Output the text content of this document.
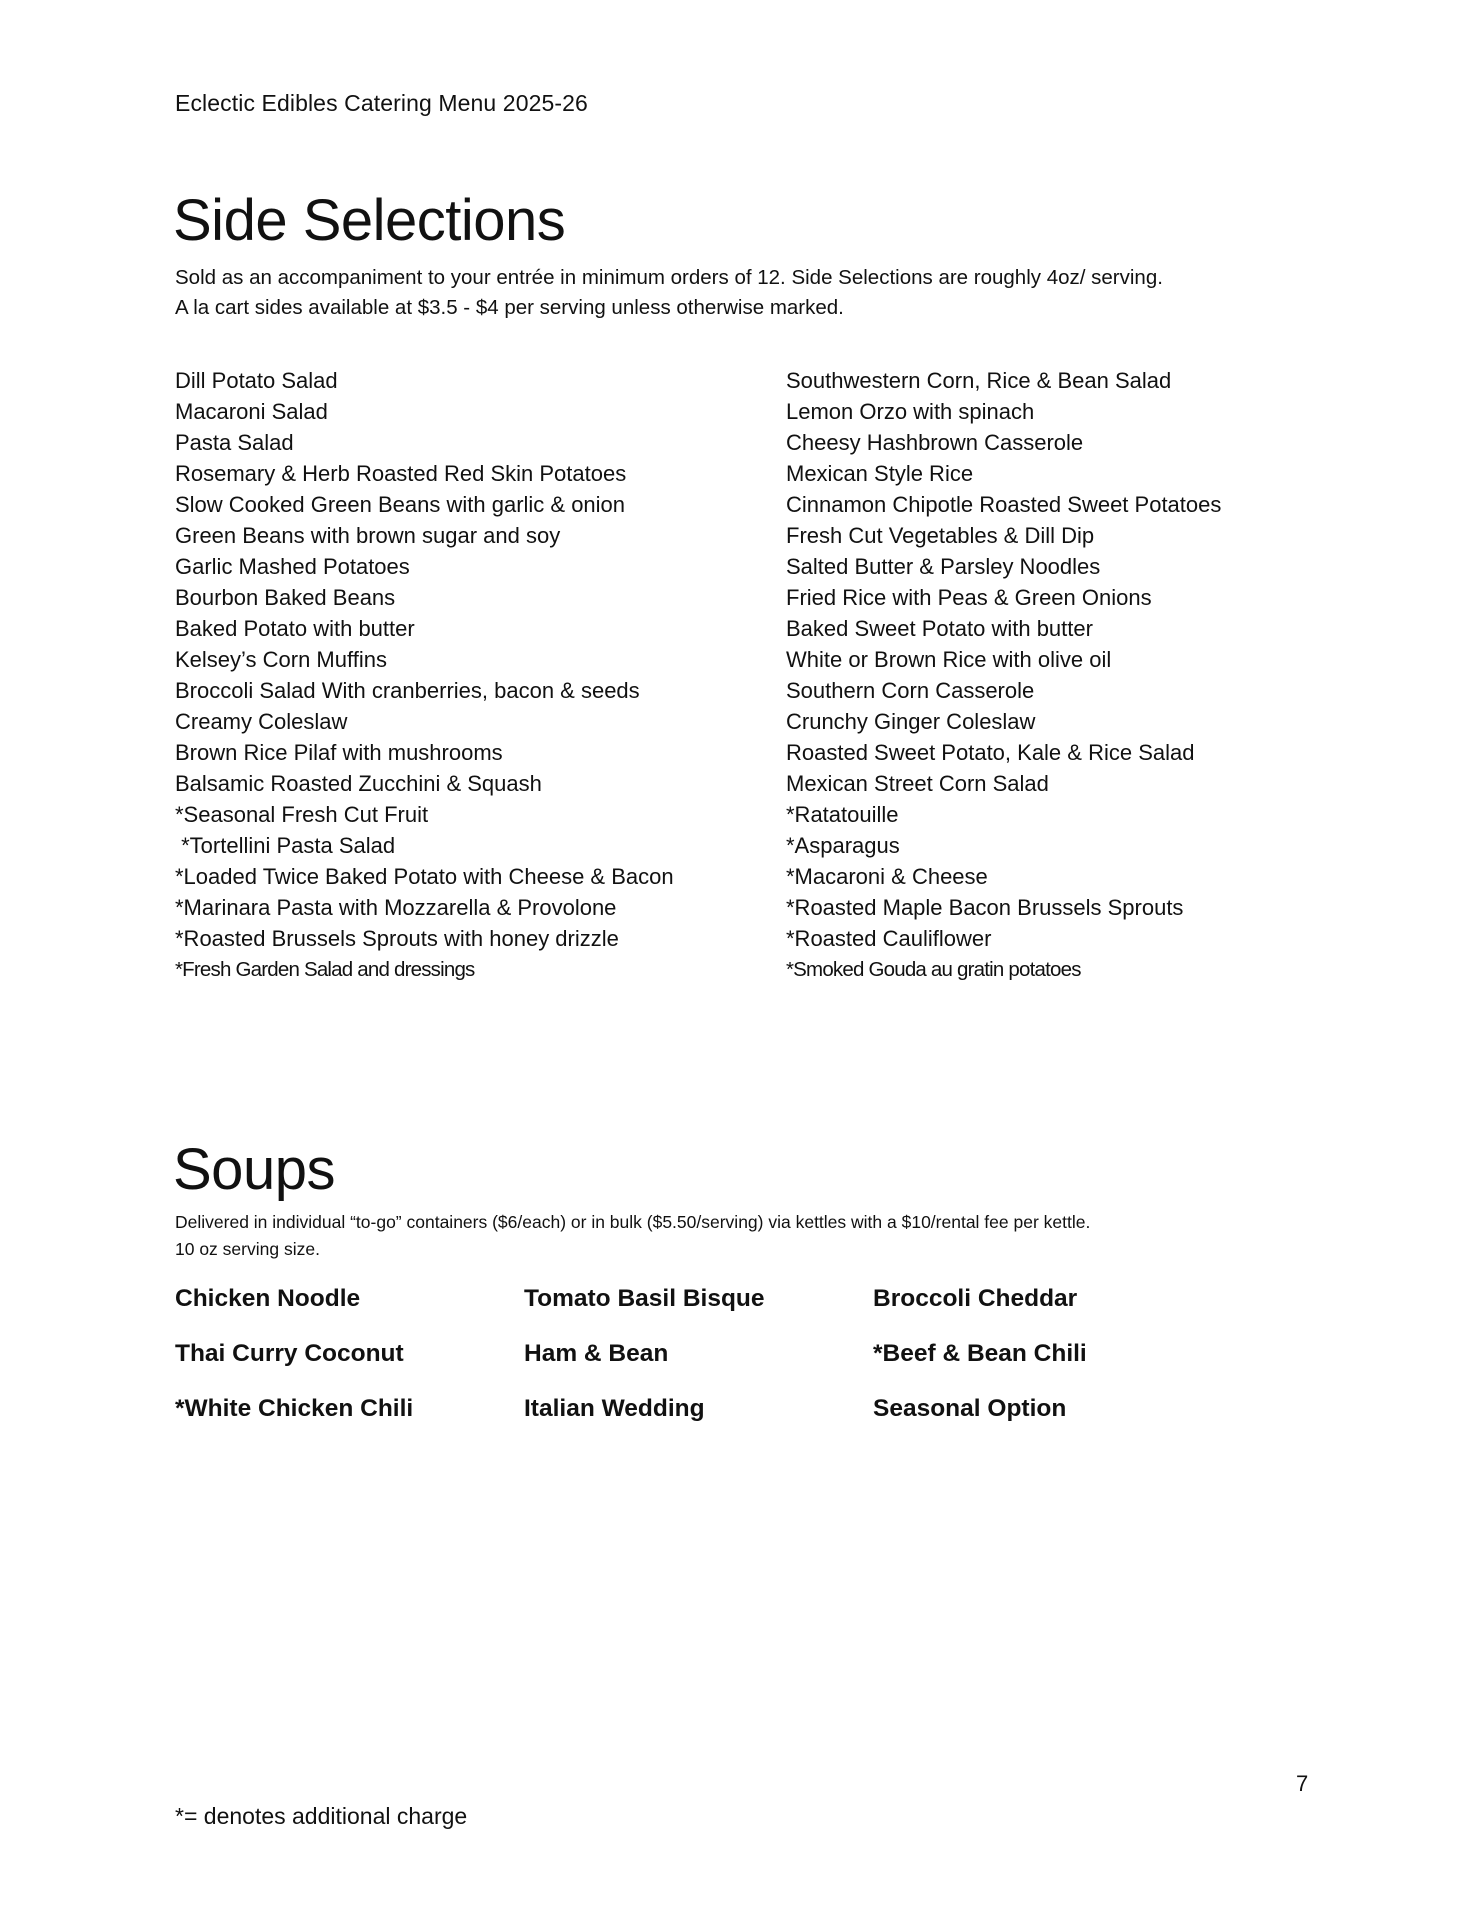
Eclectic Edibles Catering Menu 2025-26
Side Selections
Sold as an accompaniment to your entrée in minimum orders of 12. Side Selections are roughly 4oz/ serving.
A la cart sides available at $3.5 - $4 per serving unless otherwise marked.
Dill Potato Salad
Macaroni Salad
Pasta Salad
Rosemary & Herb Roasted Red Skin Potatoes
Slow Cooked Green Beans with garlic & onion
Green Beans with brown sugar and soy
Garlic Mashed Potatoes
Bourbon Baked Beans
Baked Potato with butter
Kelsey’s Corn Muffins
Broccoli Salad With cranberries, bacon & seeds
Creamy Coleslaw
Brown Rice Pilaf with mushrooms
Balsamic Roasted Zucchini & Squash
*Seasonal Fresh Cut Fruit
*Tortellini Pasta Salad
*Loaded Twice Baked Potato with Cheese & Bacon
*Marinara Pasta with Mozzarella & Provolone
*Roasted Brussels Sprouts with honey drizzle
*Fresh Garden Salad and dressings
Southwestern Corn, Rice & Bean Salad
Lemon Orzo with spinach
Cheesy Hashbrown Casserole
Mexican Style Rice
Cinnamon Chipotle Roasted Sweet Potatoes
Fresh Cut Vegetables & Dill Dip
Salted Butter & Parsley Noodles
Fried Rice with Peas & Green Onions
Baked Sweet Potato with butter
White or Brown Rice with olive oil
Southern Corn Casserole
Crunchy Ginger Coleslaw
Roasted Sweet Potato, Kale & Rice Salad
Mexican Street Corn Salad
*Ratatouille
*Asparagus
*Macaroni & Cheese
*Roasted Maple Bacon Brussels Sprouts
*Roasted Cauliflower
*Smoked Gouda au gratin potatoes
Soups
Delivered in individual “to-go” containers ($6/each) or in bulk ($5.50/serving) via kettles with a $10/rental fee per kettle.
10 oz serving size.
Chicken Noodle	Tomato Basil Bisque	Broccoli Cheddar
Thai Curry Coconut	Ham & Bean	*Beef & Bean Chili
*White Chicken Chili	Italian Wedding	Seasonal Option
7
*= denotes additional charge
